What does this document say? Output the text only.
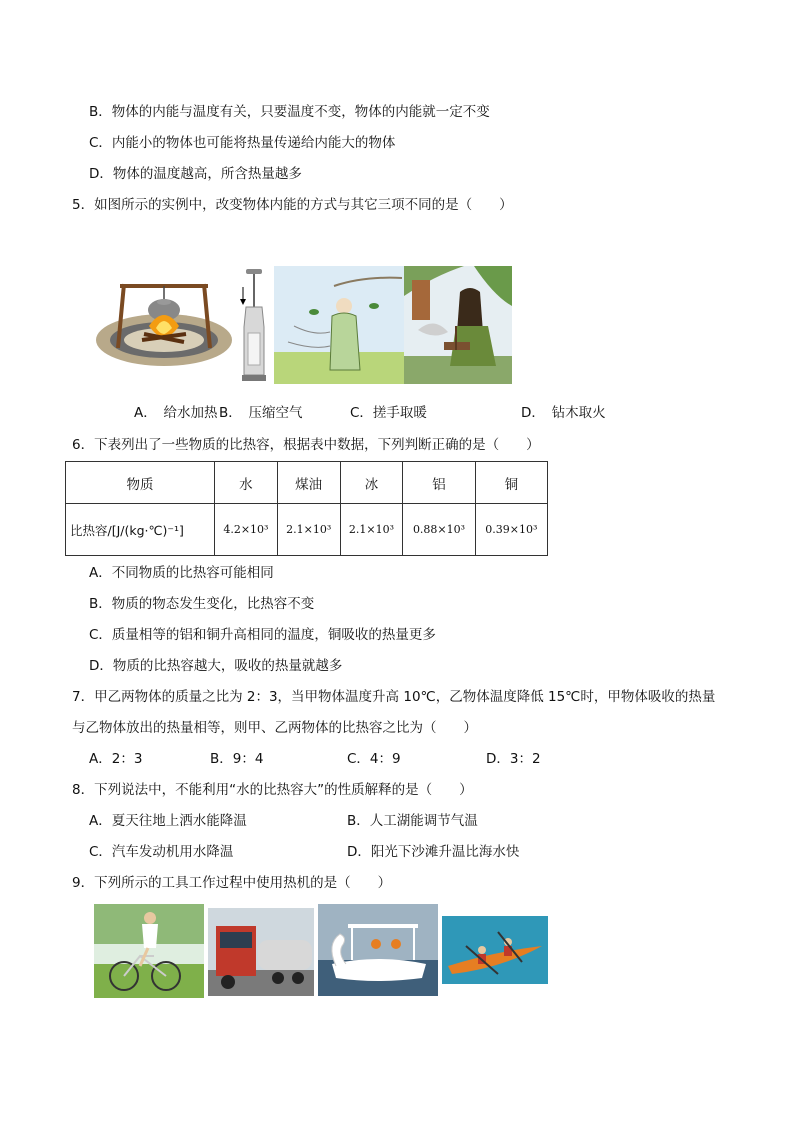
B．物体的内能与温度有关，只要温度不变，物体的内能就一定不变
C．内能小的物体也可能将热量传递给内能大的物体
D．物体的温度越高，所含热量越多
5．如图所示的实例中，改变物体内能的方式与其它三项不同的是（　　）
A．　给水加热 B．　压缩空气	C．搓手取暖	D．　钻木取火
6．下表列出了一些物质的比热容，根据表中数据，下列判断正确的是（　　）
物质	水	煤油	冰	铝	铜
比热容/[J/(kg·℃)⁻¹]	4.2×10³	2.1×10³	2.1×10³	0.88×10³	0.39×10³
A．不同物质的比热容可能相同
B．物质的物态发生变化，比热容不变
C．质量相等的铝和铜升高相同的温度，铜吸收的热量更多
D．物质的比热容越大，吸收的热量就越多
7．甲乙两物体的质量之比为 2：3，当甲物体温度升高 10℃，乙物体温度降低 15℃时，甲物体吸收的热量
与乙物体放出的热量相等，则甲、乙两物体的比热容之比为（　　）
A．2：3	B．9：4	C．4：9	D．3：2
8．下列说法中，不能利用“水的比热容大”的性质解释的是（　　）
A．夏天往地上洒水能降温	B．人工湖能调节气温
C．汽车发动机用水降温	D．阳光下沙滩升温比海水快
9．下列所示的工具工作过程中使用热机的是（　　）
